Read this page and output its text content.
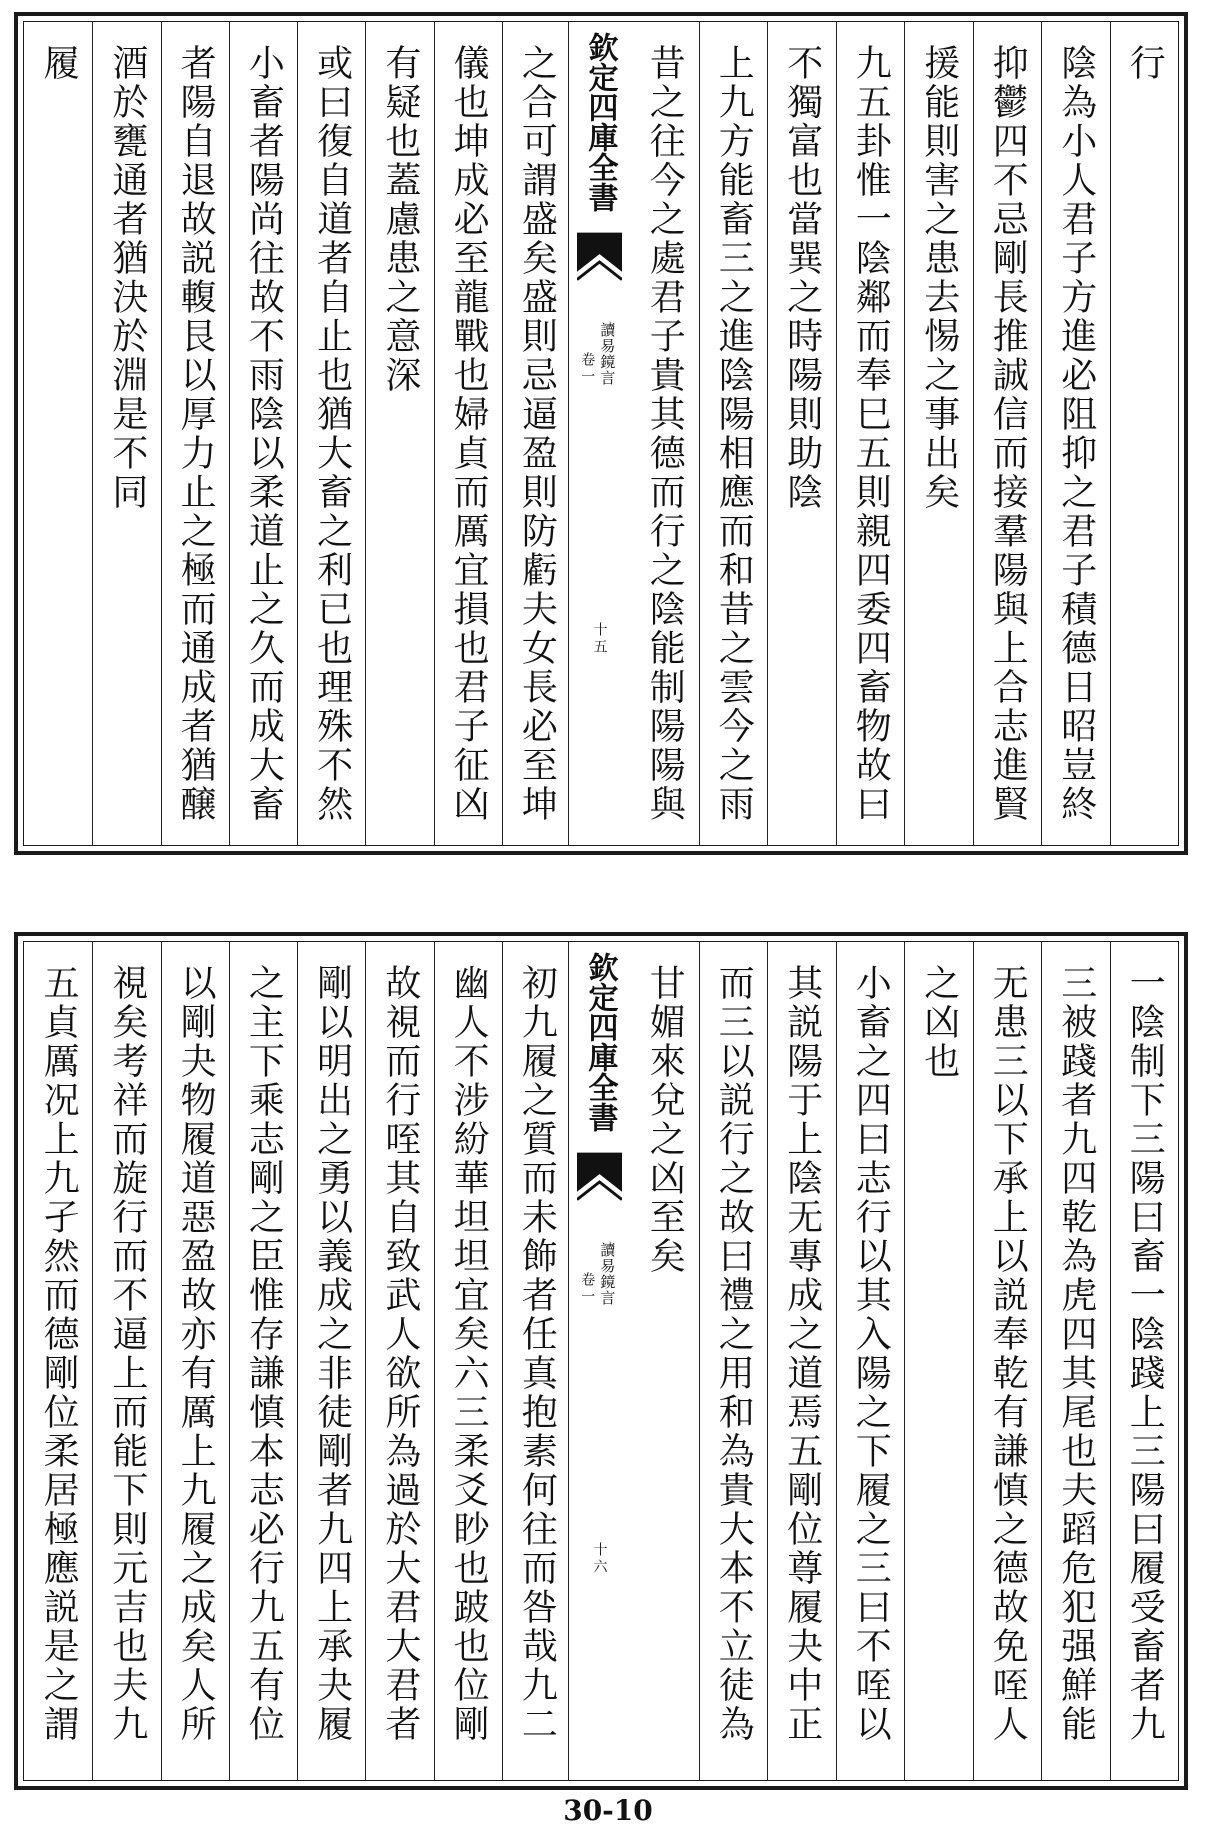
行
陰為小人君子方進必阻抑之君子積德日昭豈終
抑鬱四不忌剛長推誠信而接羣陽與上合志進賢
援能則害之患去惕之事出矣
九五卦惟一陰鄰而奉巳五則親四委四畜物故曰
不獨富也當巽之時陽則助陰
上九方能畜三之進陰陽相應而和昔之雲今之雨
昔之往今之處君子貴其德而行之陰能制陽陽與
欽定四庫全書
讀易鏡言
卷一
十五
之合可謂盛矣盛則忌逼盈則防虧夫女長必至坤
儀也坤成必至龍戰也婦貞而厲宜損也君子征凶
有疑也蓋慮患之意深
或曰復自道者自止也猶大畜之利已也理殊不然
小畜者陽尚往故不雨陰以柔道止之久而成大畜
者陽自退故説輹艮以厚力止之極而通成者猶醸
酒於甕通者猶決於淵是不同
履
一陰制下三陽曰畜一陰踐上三陽曰履受畜者九
三被踐者九四乾為虎四其尾也夫蹈危犯强鮮能
无患三以下承上以説奉乾有謙慎之德故免咥人
之凶也
小畜之四曰志行以其入陽之下履之三曰不咥以
其説陽于上陰无專成之道焉五剛位尊履夬中正
而三以説行之故曰禮之用和為貴大本不立徒為
甘媚來兌之凶至矣
欽定四庫全書
讀易鏡言
卷一
十六
初九履之質而未飾者任真抱素何往而咎哉九二
幽人不涉紛華坦坦宜矣六三柔爻眇也跛也位剛
故視而行咥其自致武人欲所為過於大君大君者
剛以明出之勇以義成之非徒剛者九四上承夬履
之主下乘志剛之臣惟存謙慎本志必行九五有位
以剛夬物履道惡盈故亦有厲上九履之成矣人所
視矣考祥而旋行而不逼上而能下則元吉也夫九
五貞厲况上九孑然而德剛位柔居極應説是之謂
30-10
